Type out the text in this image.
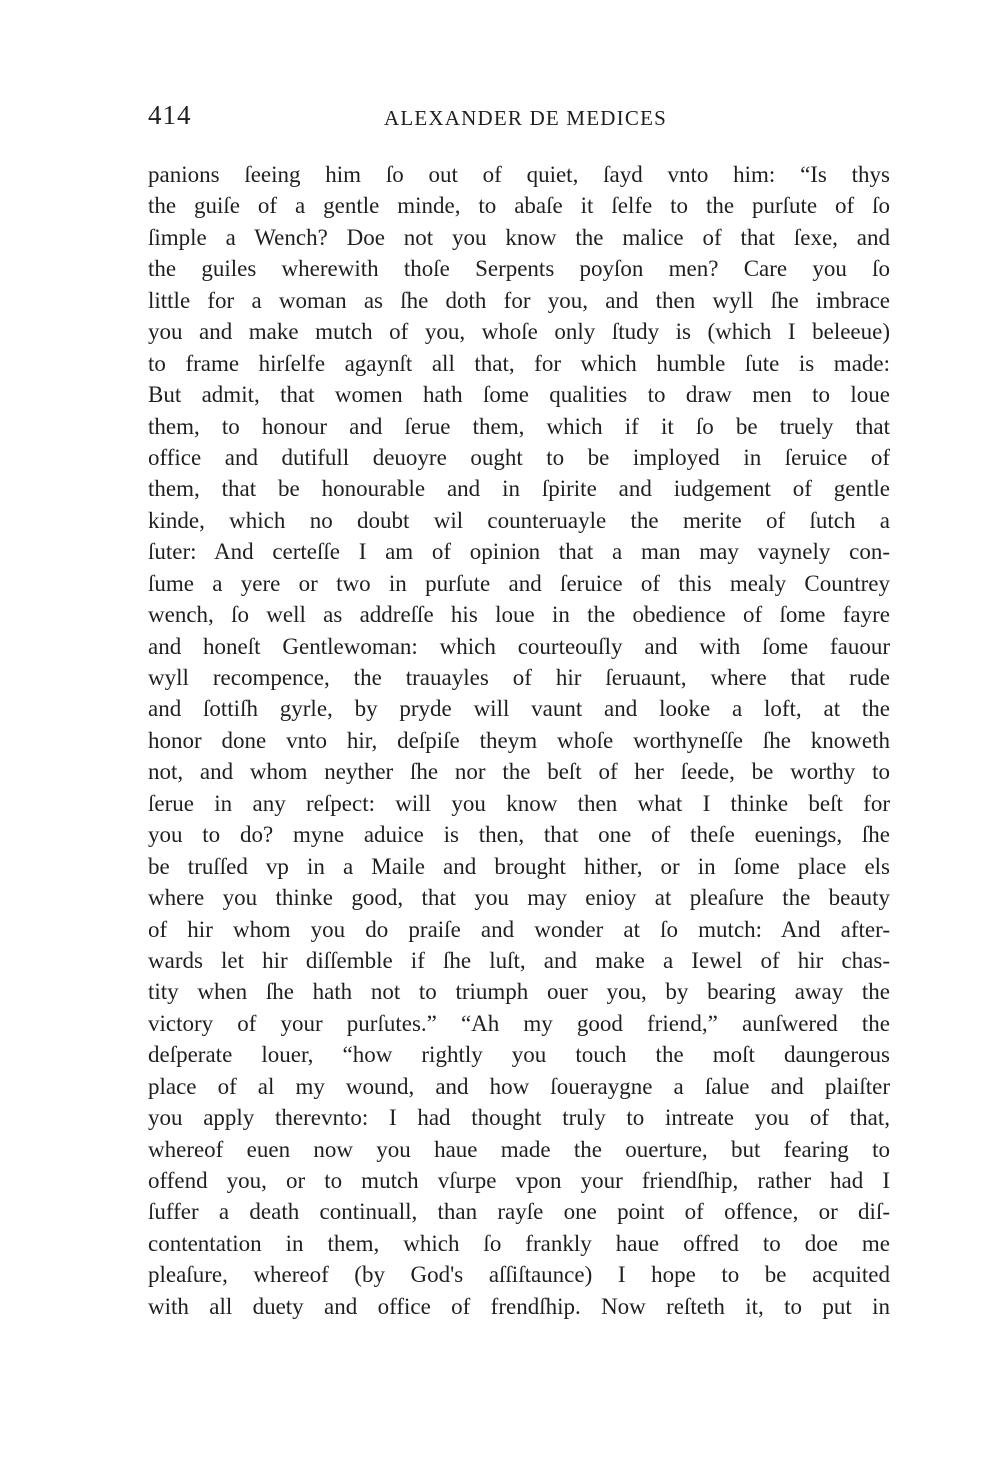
414	ALEXANDER DE MEDICES
panions ſeeing him ſo out of quiet, ſayd vnto him: “Is thys
the guiſe of a gentle minde, to abaſe it ſelfe to the purſute of ſo
ſimple a Wench? Doe not you know the malice of that ſexe, and
the guiles wherewith thoſe Serpents poyſon men? Care you ſo
little for a woman as ſhe doth for you, and then wyll ſhe imbrace
you and make mutch of you, whoſe only ſtudy is (which I beleeue)
to frame hirſelfe agaynſt all that, for which humble ſute is made:
But admit, that women hath ſome qualities to draw men to loue
them, to honour and ſerue them, which if it ſo be truely that
office and dutifull deuoyre ought to be imployed in ſeruice of
them, that be honourable and in ſpirite and iudgement of gentle
kinde, which no doubt wil counteruayle the merite of ſutch a
ſuter: And certeſſe I am of opinion that a man may vaynely con-
ſume a yere or two in purſute and ſeruice of this mealy Countrey
wench, ſo well as addreſſe his loue in the obedience of ſome fayre
and honeſt Gentlewoman: which courteouſly and with ſome fauour
wyll recompence, the trauayles of hir ſeruaunt, where that rude
and ſottiſh gyrle, by pryde will vaunt and looke a loft, at the
honor done vnto hir, deſpiſe theym whoſe worthyneſſe ſhe knoweth
not, and whom neyther ſhe nor the beſt of her ſeede, be worthy to
ſerue in any reſpect: will you know then what I thinke beſt for
you to do? myne aduice is then, that one of theſe euenings, ſhe
be truſſed vp in a Maile and brought hither, or in ſome place els
where you thinke good, that you may enioy at pleaſure the beauty
of hir whom you do praiſe and wonder at ſo mutch: And after-
wards let hir diſſemble if ſhe luſt, and make a Iewel of hir chas-
tity when ſhe hath not to triumph ouer you, by bearing away the
victory of your purſutes.” “Ah my good friend,” aunſwered the
deſperate louer, “how rightly you touch the moſt daungerous
place of al my wound, and how ſoueraygne a ſalue and plaiſter
you apply therevnto: I had thought truly to intreate you of that,
whereof euen now you haue made the ouerture, but fearing to
offend you, or to mutch vſurpe vpon your friendſhip, rather had I
ſuffer a death continuall, than rayſe one point of offence, or diſ-
contentation in them, which ſo frankly haue offred to doe me
pleaſure, whereof (by God's aſſiſtaunce) I hope to be acquited
with all duety and office of frendſhip. Now reſteth it, to put in
